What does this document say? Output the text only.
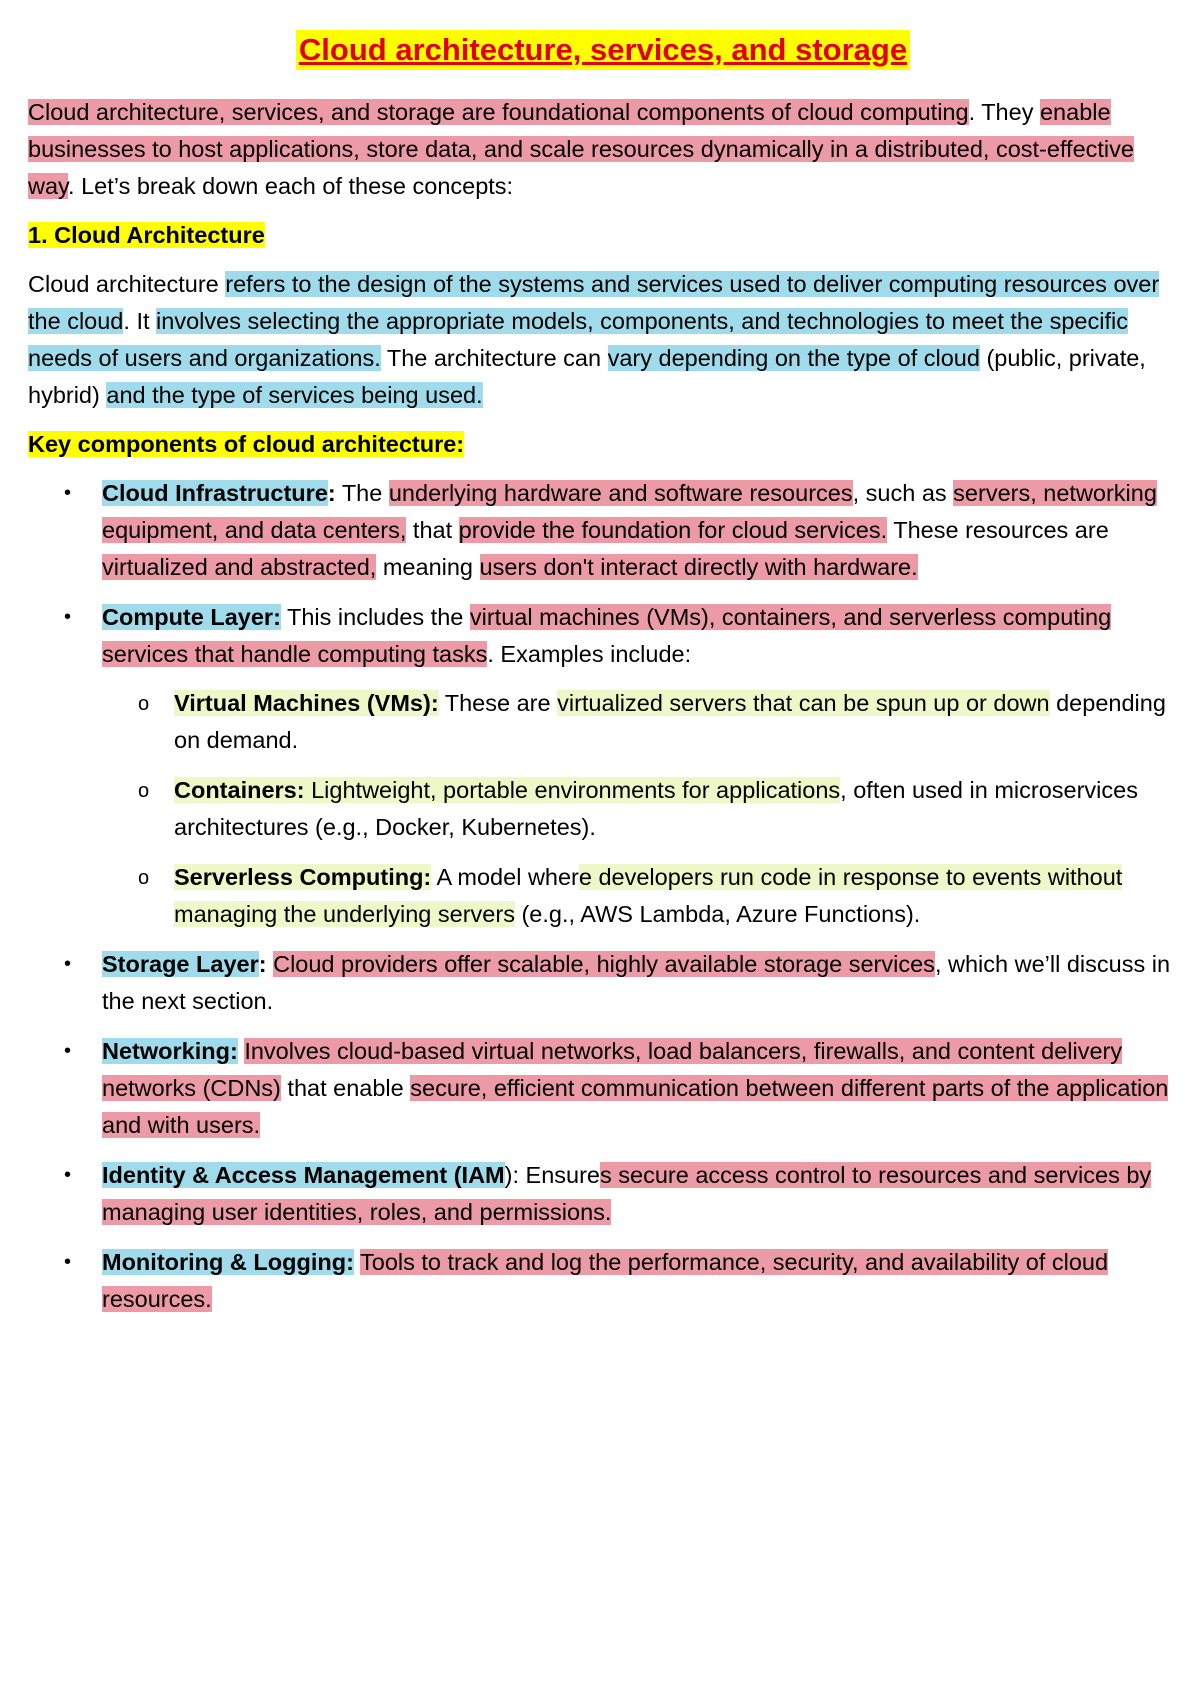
Cloud architecture, services, and storage

Cloud architecture, services, and storage are foundational components of cloud computing. They enable businesses to host applications, store data, and scale resources dynamically in a distributed, cost-effective way. Let’s break down each of these concepts:

1. Cloud Architecture

Cloud architecture refers to the design of the systems and services used to deliver computing resources over the cloud. It involves selecting the appropriate models, components, and technologies to meet the specific needs of users and organizations. The architecture can vary depending on the type of cloud (public, private, hybrid) and the type of services being used.

Key components of cloud architecture:

• Cloud Infrastructure: The underlying hardware and software resources, such as servers, networking equipment, and data centers, that provide the foundation for cloud services. These resources are virtualized and abstracted, meaning users don't interact directly with hardware.
• Compute Layer: This includes the virtual machines (VMs), containers, and serverless computing services that handle computing tasks. Examples include:
o Virtual Machines (VMs): These are virtualized servers that can be spun up or down depending on demand.
o Containers: Lightweight, portable environments for applications, often used in microservices architectures (e.g., Docker, Kubernetes).
o Serverless Computing: A model where developers run code in response to events without managing the underlying servers (e.g., AWS Lambda, Azure Functions).
• Storage Layer: Cloud providers offer scalable, highly available storage services, which we’ll discuss in the next section.
• Networking: Involves cloud-based virtual networks, load balancers, firewalls, and content delivery networks (CDNs) that enable secure, efficient communication between different parts of the application and with users.
• Identity & Access Management (IAM): Ensures secure access control to resources and services by managing user identities, roles, and permissions.
• Monitoring & Logging: Tools to track and log the performance, security, and availability of cloud resources.
